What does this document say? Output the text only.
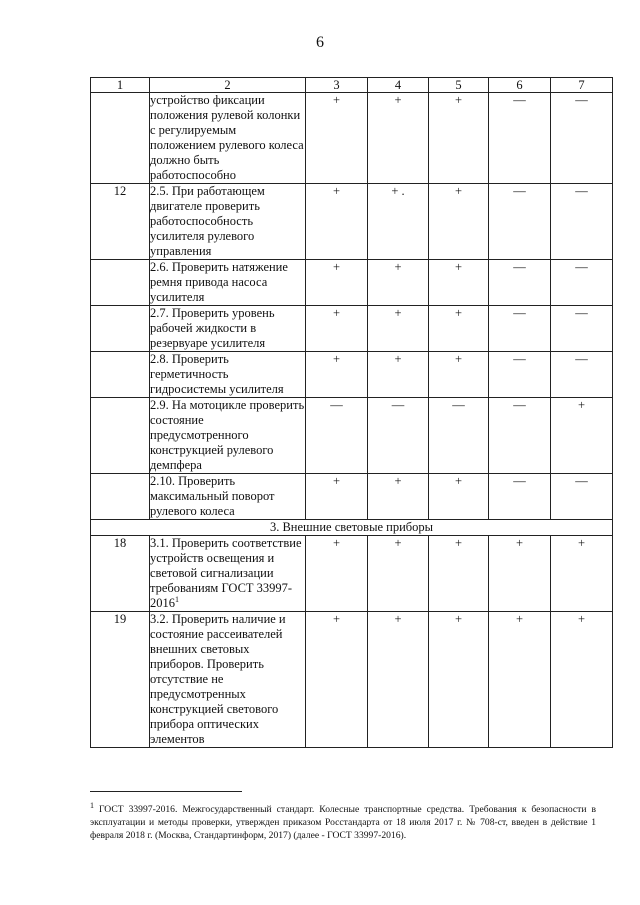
6
1	2	3	4	5	6	7
	устройство фиксации положения рулевой колонки с регулируемым положением рулевого колеса должно быть работоспособно	+	+	+	—	—
12	2.5. При работающем двигателе проверить работоспособность усилителя рулевого управления	+	+ .	+	—	—
	2.6. Проверить натяжение ремня привода насоса усилителя	+	+	+	—	—
	2.7. Проверить уровень рабочей жидкости в резервуаре усилителя	+	+	+	—	—
	2.8. Проверить герметичность гидросистемы усилителя	+	+	+	—	—
	2.9. На мотоцикле проверить состояние предусмотренного конструкцией рулевого демпфера	—	—	—	—	+
	2.10. Проверить максимальный поворот рулевого колеса	+	+	+	—	—
3. Внешние световые приборы						
18	3.1. Проверить соответствие устройств освещения и световой сигнализации требованиям ГОСТ $33997-2016^1$	+	+	+	+	+
19	3.2. Проверить наличие и состояние рассеивателей внешних световых приборов. Проверить отсутствие не предусмотренных конструкцией светового прибора оптических элементов	+	+	+	+	+
$^1$ ГОСТ 33997-2016. Межгосударственный стандарт. Колесные транспортные средства. Требования к безопасности в эксплуатации и методы проверки, утвержден приказом Росстандарта от 18 июля 2017 г. № 708-ст, введен в действие 1 февраля 2018 г. (Москва, Стандартинформ, 2017) (далее - ГОСТ 33997-2016).
